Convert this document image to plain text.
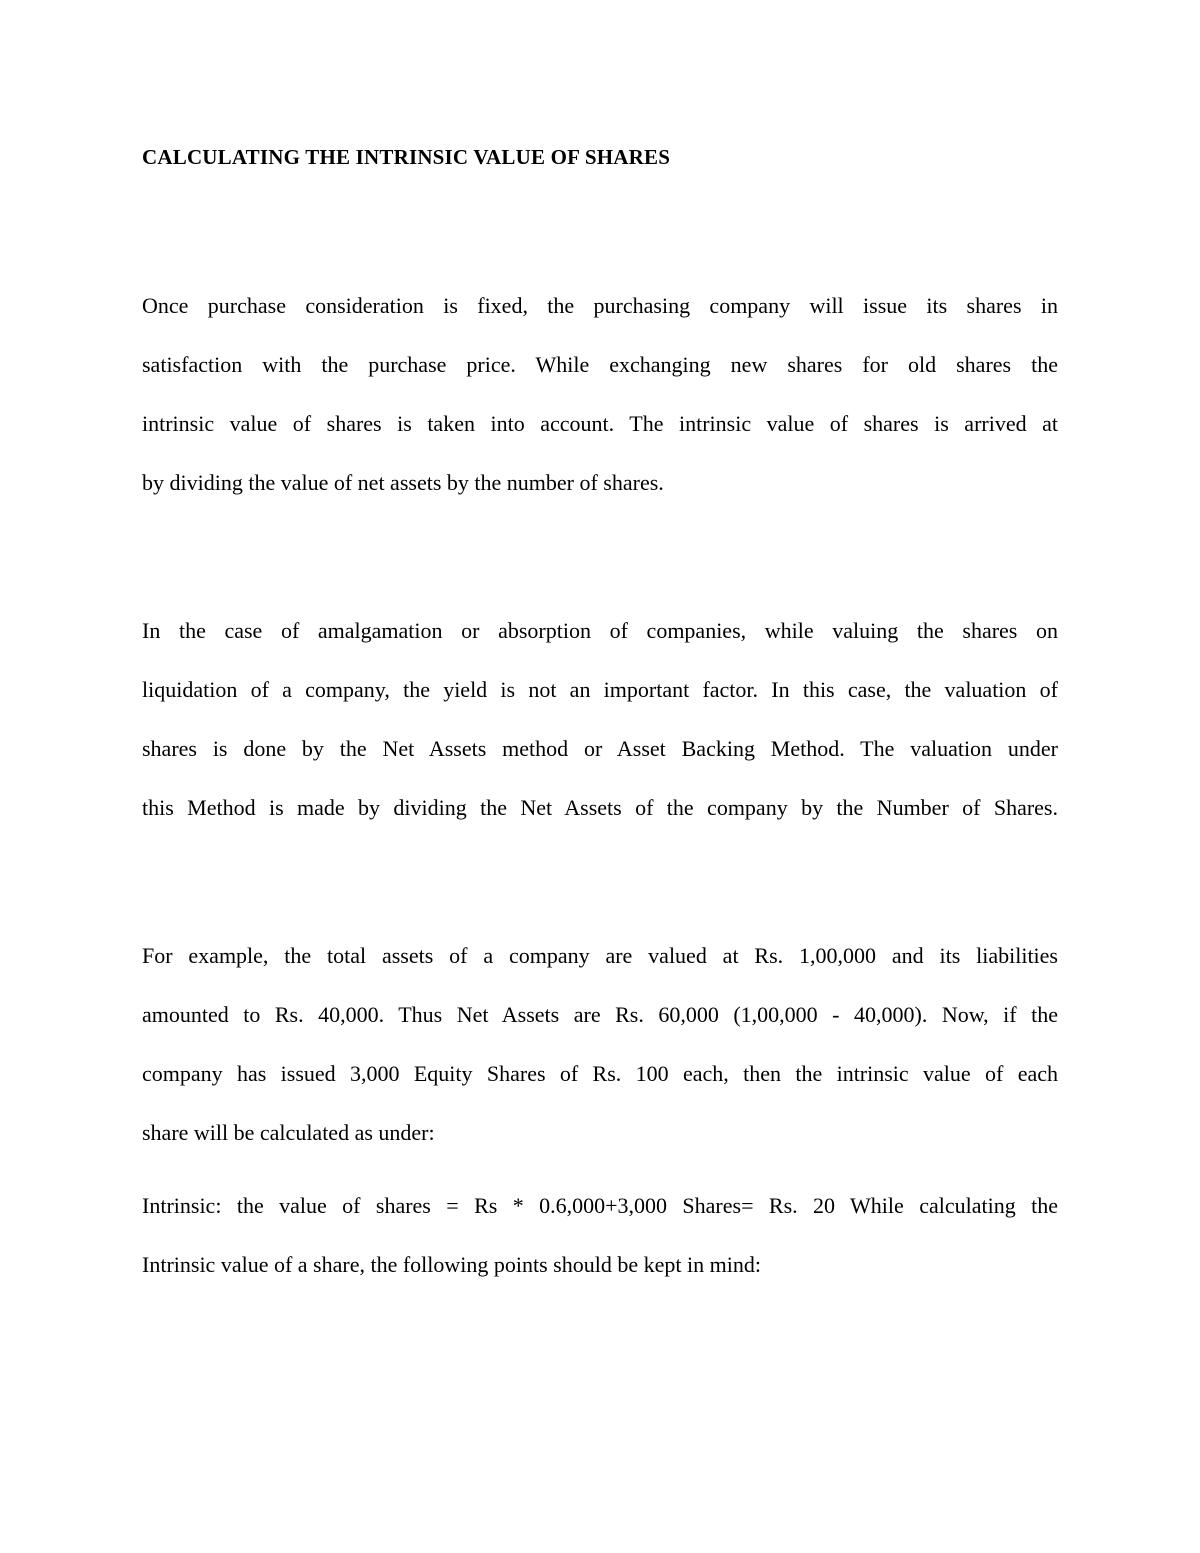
CALCULATING THE INTRINSIC VALUE OF SHARES
Once purchase consideration is fixed, the purchasing company will issue its shares in
satisfaction with the purchase price. While exchanging new shares for old shares the
intrinsic value of shares is taken into account. The intrinsic value of shares is arrived at
by dividing the value of net assets by the number of shares.
In the case of amalgamation or absorption of companies, while valuing the shares on
liquidation of a company, the yield is not an important factor. In this case, the valuation of
shares is done by the Net Assets method or Asset Backing Method. The valuation under
this Method is made by dividing the Net Assets of the company by the Number of Shares.
For example, the total assets of a company are valued at Rs. 1,00,000 and its liabilities
amounted to Rs. 40,000. Thus Net Assets are Rs. 60,000 (1,00,000 - 40,000). Now, if the
company has issued 3,000 Equity Shares of Rs. 100 each, then the intrinsic value of each
share will be calculated as under:
Intrinsic: the value of shares = Rs * 0.6,000+3,000 Shares= Rs. 20 While calculating the
Intrinsic value of a share, the following points should be kept in mind:
